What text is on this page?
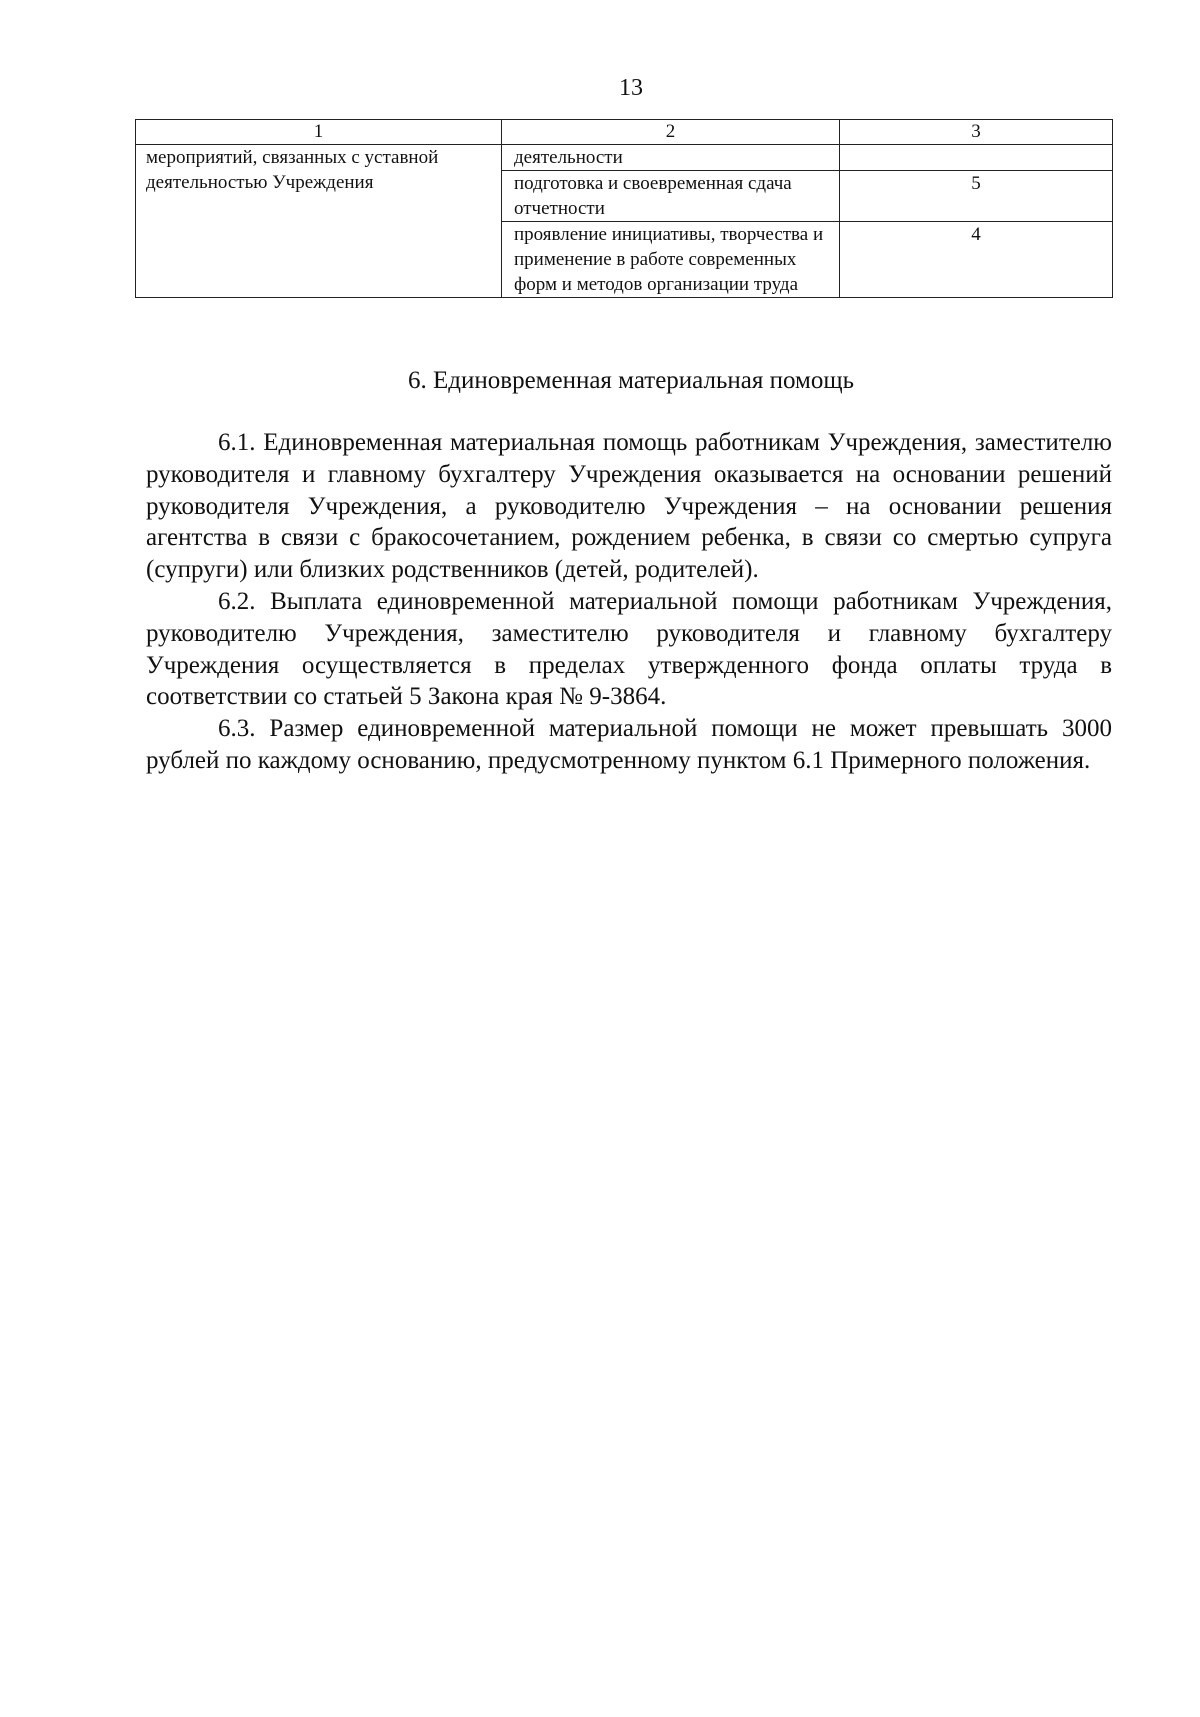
13
1	2	3
мероприятий, связанных с уставной деятельностью Учреждения	деятельности	
	подготовка и своевременная сдача отчетности	5
	проявление инициативы, творчества и применение в работе современных форм и методов организации труда	4
6. Единовременная материальная помощь

6.1. Единовременная материальная помощь работникам Учреждения, заместителю руководителя и главному бухгалтеру Учреждения оказывается на основании решений руководителя Учреждения, а руководителю Учреждения – на основании решения агентства в связи с бракосочетанием, рождением ребенка, в связи со смертью супруга (супруги) или близких родственников (детей, родителей).

6.2. Выплата единовременной материальной помощи работникам Учреждения, руководителю Учреждения, заместителю руководителя и главному бухгалтеру Учреждения осуществляется в пределах утвержденного фонда оплаты труда в соответствии со статьей 5 Закона края № 9-3864.

6.3. Размер единовременной материальной помощи не может превышать 3000 рублей по каждому основанию, предусмотренному пунктом 6.1 Примерного положения.
